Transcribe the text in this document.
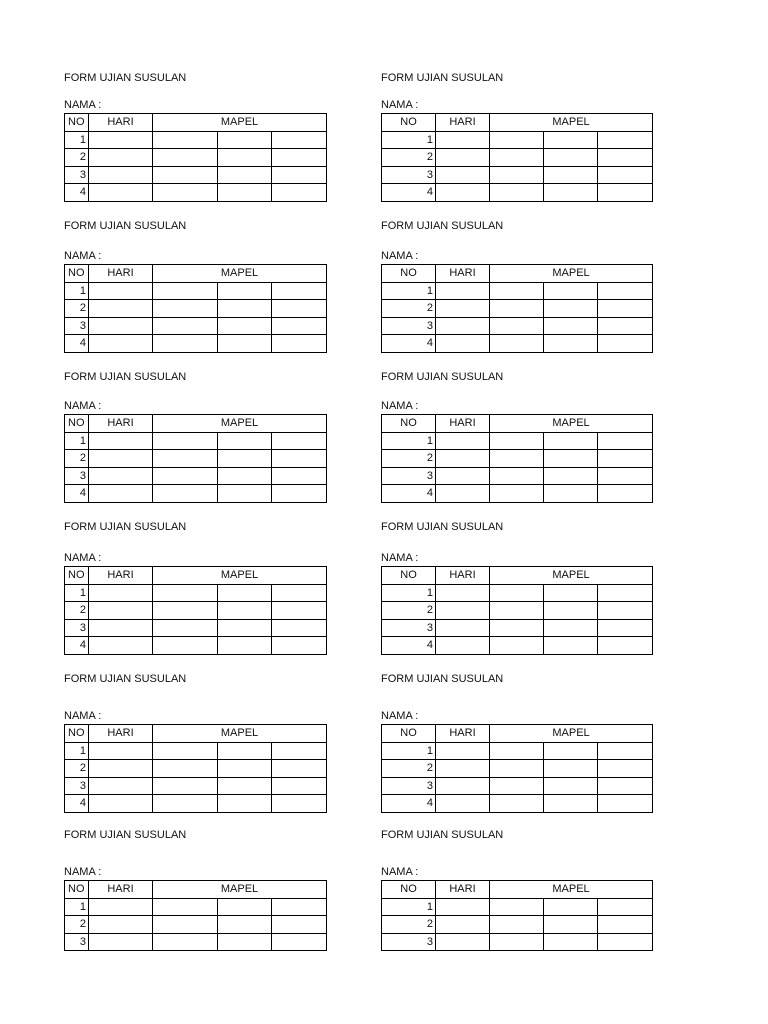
FORM UJIAN SUSULAN
NAMA :
NO	HARI	MAPEL		
1				
2				
3				
4				
FORM UJIAN SUSULAN
NAMA :
NO	HARI	MAPEL		
1				
2				
3				
4				
FORM UJIAN SUSULAN
NAMA :
NO	HARI	MAPEL		
1				
2				
3				
4				
FORM UJIAN SUSULAN
NAMA :
NO	HARI	MAPEL		
1				
2				
3				
4				
FORM UJIAN SUSULAN
NAMA :
NO	HARI	MAPEL		
1				
2				
3				
4				
FORM UJIAN SUSULAN
NAMA :
NO	HARI	MAPEL		
1				
2				
3				
4				
FORM UJIAN SUSULAN
NAMA :
NO	HARI	MAPEL		
1				
2				
3				
4				
FORM UJIAN SUSULAN
NAMA :
NO	HARI	MAPEL		
1				
2				
3				
4				
FORM UJIAN SUSULAN
NAMA :
NO	HARI	MAPEL		
1				
2				
3				
4				
FORM UJIAN SUSULAN
NAMA :
NO	HARI	MAPEL		
1				
2				
3				
4				
FORM UJIAN SUSULAN
NAMA :
NO	HARI	MAPEL		
1				
2				
3				
FORM UJIAN SUSULAN
NAMA :
NO	HARI	MAPEL		
1				
2				
3				
